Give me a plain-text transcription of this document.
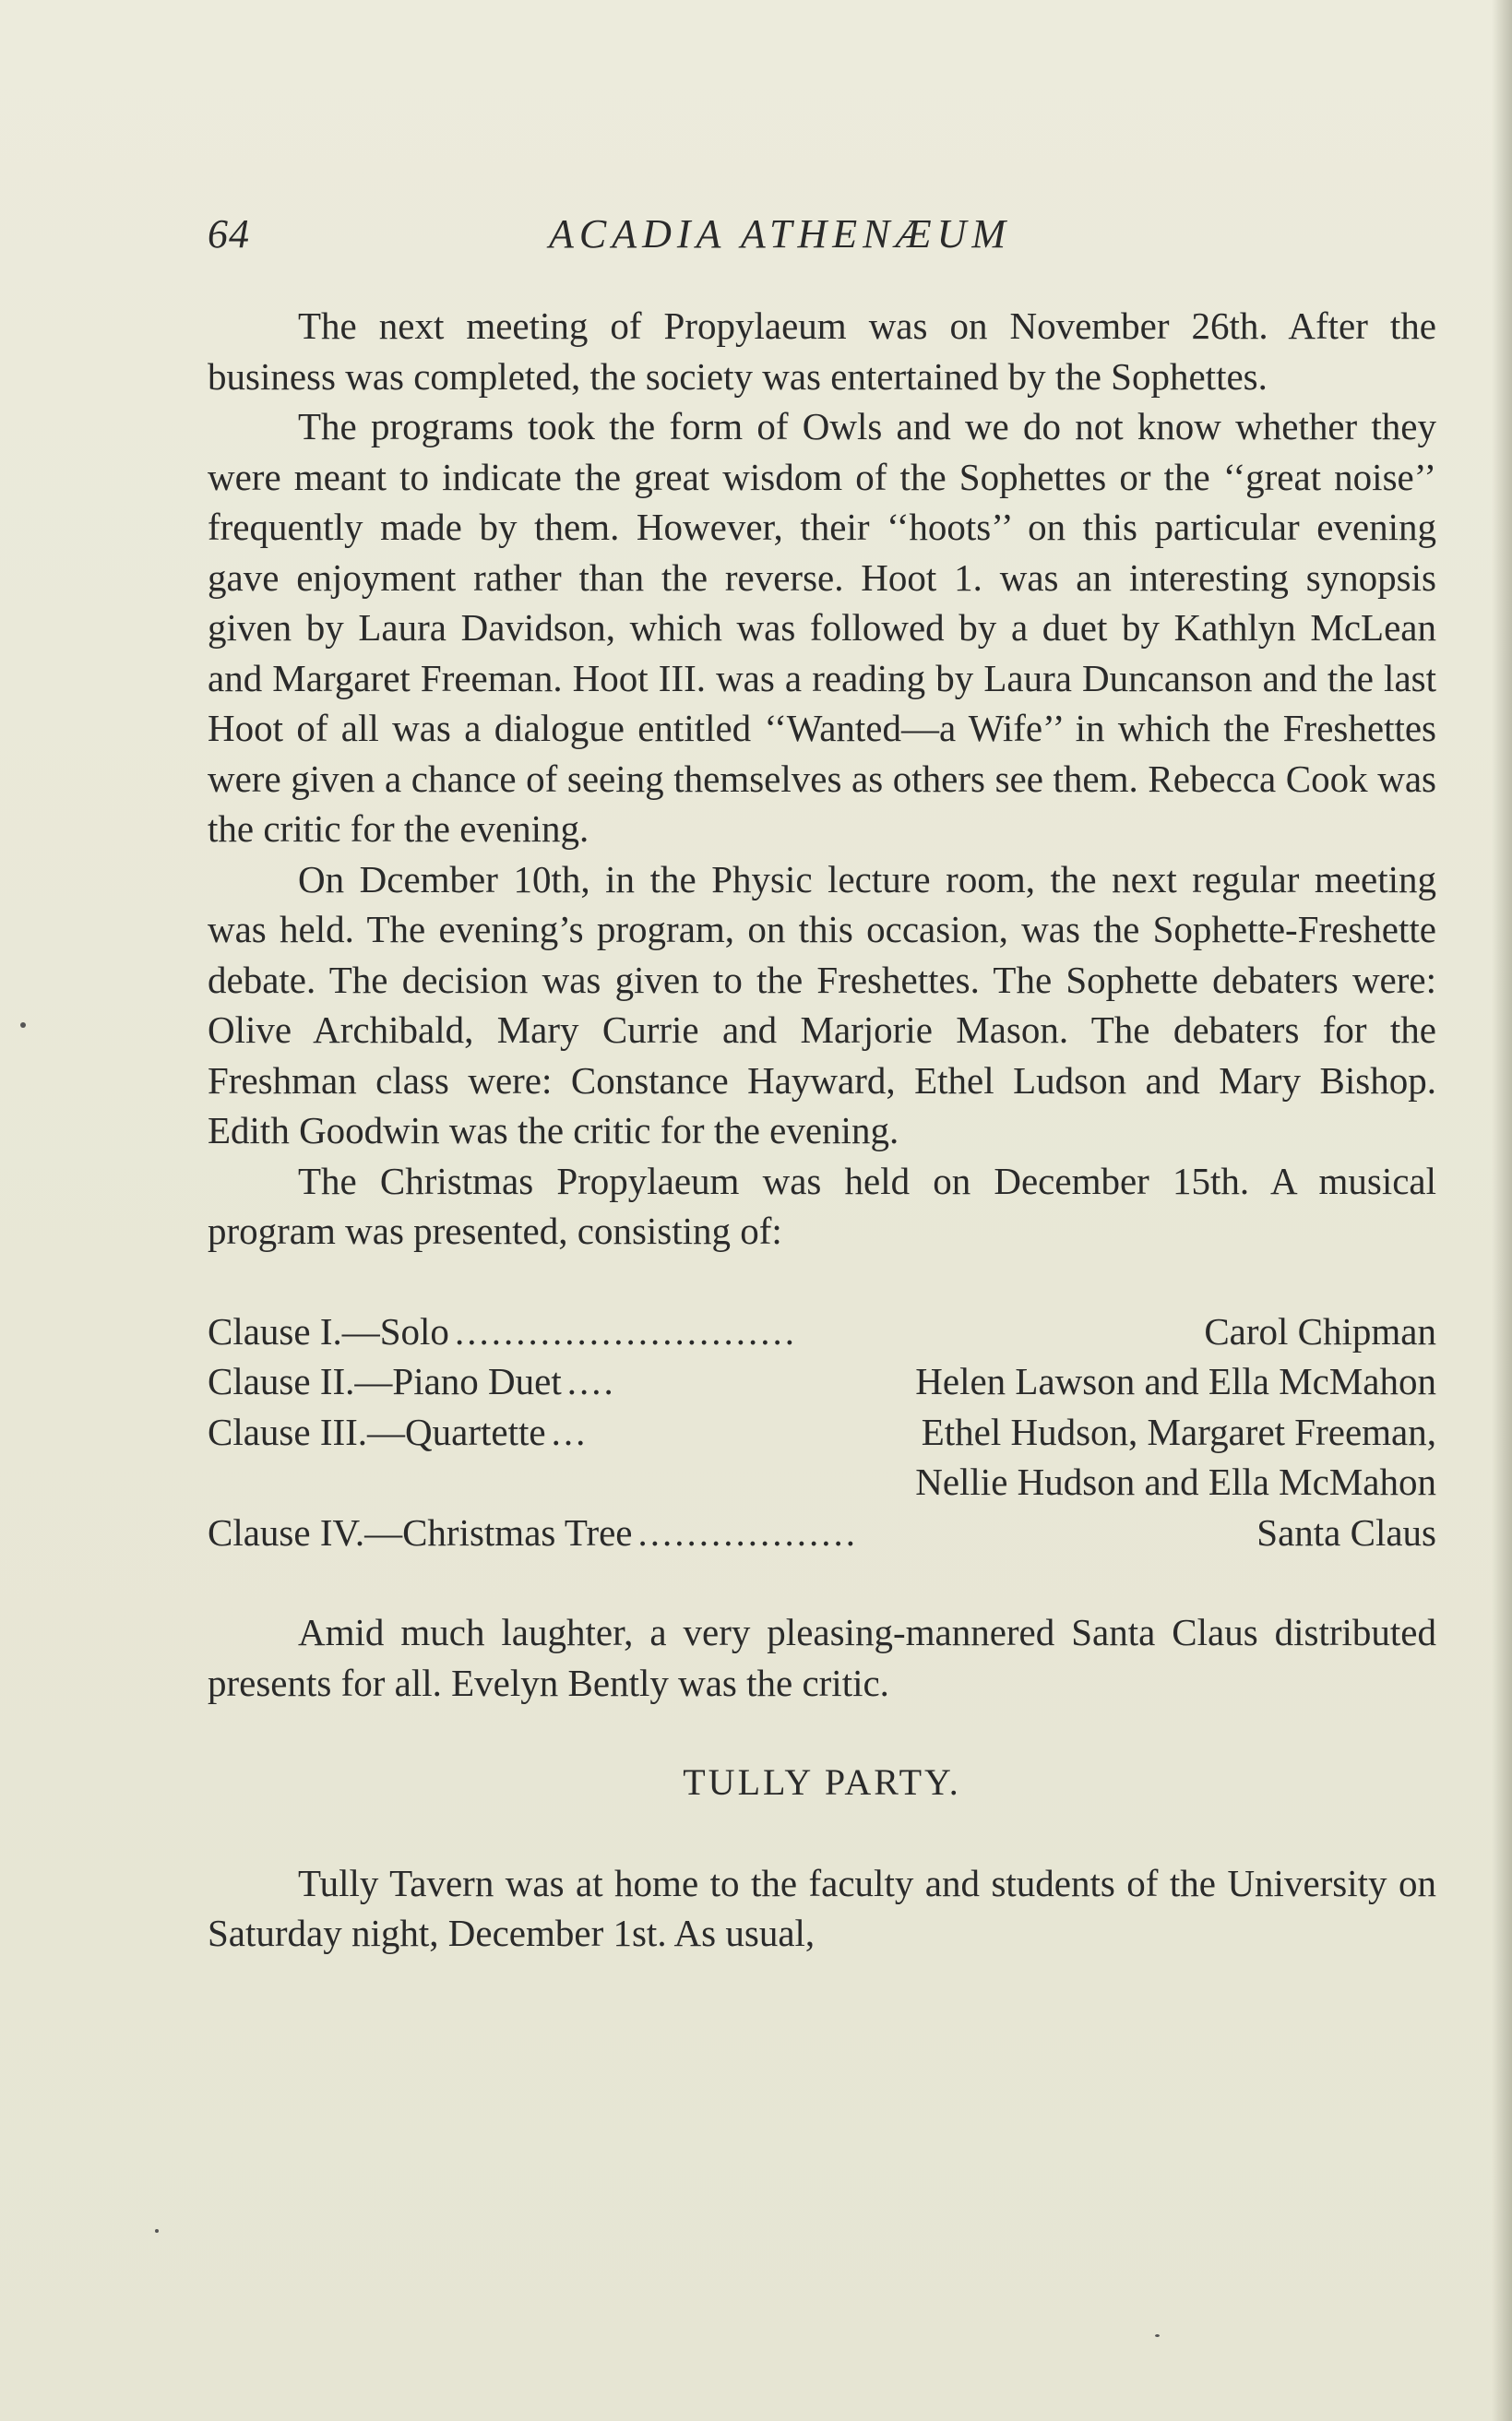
64	ACADIA ATHENÆUM

The next meeting of Propylaeum was on November 26th. After the business was completed, the society was entertained by the Sophettes.

The programs took the form of Owls and we do not know whether they were meant to indicate the great wisdom of the Sophettes or the ‘‘great noise’’ frequently made by them. However, their ‘‘hoots’’ on this particular evening gave enjoyment rather than the reverse. Hoot 1. was an interesting synopsis given by Laura Davidson, which was followed by a duet by Kathlyn McLean and Margaret Freeman. Hoot III. was a reading by Laura Duncanson and the last Hoot of all was a dialogue entitled ‘‘Wanted—a Wife’’ in which the Freshettes were given a chance of seeing themselves as others see them. Rebecca Cook was the critic for the evening.

On Dcember 10th, in the Physic lecture room, the next regular meeting was held. The evening’s program, on this occasion, was the Sophette-Freshette debate. The decision was given to the Freshettes. The Sophette debaters were: Olive Archibald, Mary Currie and Marjorie Mason. The debaters for the Freshman class were: Constance Hayward, Ethel Ludson and Mary Bishop. Edith Goodwin was the critic for the evening.

The Christmas Propylaeum was held on December 15th. A musical program was presented, consisting of:

Clause I.—Solo ............................	Carol Chipman
Clause II.—Piano Duet ....	Helen Lawson and Ella McMahon
Clause III.—Quartette ...	Ethel Hudson, Margaret Freeman,
Nellie Hudson and Ella McMahon
Clause IV.—Christmas Tree ..................	Santa Claus

Amid much laughter, a very pleasing-mannered Santa Claus distributed presents for all. Evelyn Bently was the critic.

TULLY PARTY.

Tully Tavern was at home to the faculty and students of the University on Saturday night, December 1st. As usual,
